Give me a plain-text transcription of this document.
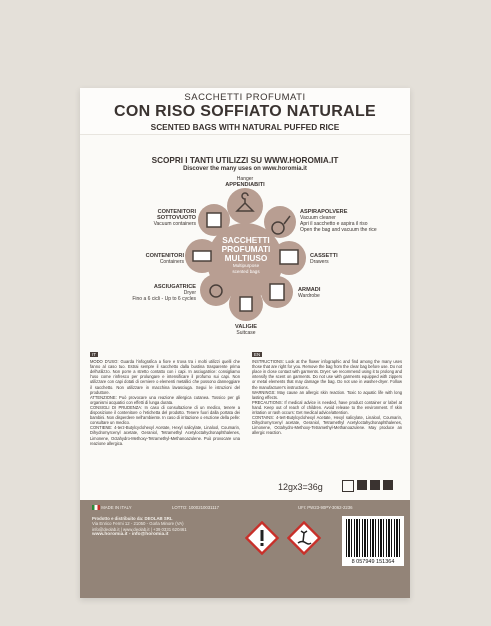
SACCHETTI PROFUMATI
CON RISO SOFFIATO NATURALE
SCENTED BAGS WITH NATURAL PUFFED RICE
SCOPRI I TANTI UTILIZZI SU WWW.HOROMIA.IT
Discover the many uses on www.horomia.it
SACCHETTI
PROFUMATI
MULTIUSO
Multipurpose
scented bags
Hanger
APPENDIABITI
CONTENITORI
SOTTOVUOTO
Vacuum containers
ASPIRAPOLVERE
Vacuum cleaner
Apri il sacchetto e aspira il riso
Open the bag and vacuum the rice
CONTENITORI
Containers
CASSETTI
Drawers
ASCIUGATRICE
Dryer
Fino a 6 cicli - Up to 6 cycles
ARMADI
Wardrobe
VALIGIE
Suitcase
IT
MODO D'USO: Guarda l'infografica a fiore e trova tra i molti utilizzi quelli che fanno al caso tuo. Estrai sempre il sacchetto dalla bustina trasparente prima dell'utilizzo. Non porre a stretto contatto con i capi. In asciugatrice: consigliamo l'uso come rinfresco per prolungare e intensificare il profumo sui capi. Non utilizzare con capi dotati di cerniere o elementi metallici che possono danneggiare il sacchetto. Non utilizzare in macchina lavasciuga. Segui le istruzioni del produttore.
ATTENZIONE: Può provocare una reazione allergica cutanea. Tossico per gli organismi acquatici con effetti di lunga durata.
CONSIGLI DI PRUDENZA: In caso di consultazione di un medico, tenere a disposizione il contenitore o l'etichetta del prodotto. Tenere fuori dalla portata dei bambini. Non disperdere nell'ambiente. In caso di irritazione o eruzione della pelle: consultare un medico.
CONTIENE: 4-terz-Butylcyclohexyl Acetate, Hexyl salicylate, Linalool, Coumarin, Dihydromyrcenyl acetate, Geraniol, Tetramethyl Acetyloctahydronaphthalenes, Limonene, Octahydro-Methoxy-Tetramethyl-Methanoazulene. Può provocare una reazione allergica.
EN
INSTRUCTIONS: Look at the flower infographic and find among the many uses those that are right for you. Remove the bag from the clear bag before use. Do not place in close contact with garments. Dryer: we recommend using it to prolong and intensify the scent on garments. Do not use with garments equipped with zippers or metal elements that may damage the bag. Do not use in washer-dryer. Follow the manufacturer's instructions.
WARNINGS: May cause an allergic skin reaction. Toxic to aquatic life with long lasting effects.
PRECAUTIONS: If medical advice is needed, have product container or label at hand. Keep out of reach of children. Avoid release to the environment. If skin irritation or rash occurs: Get medical advice/attention.
CONTAINS: 4-tert-Butylcyclohexyl Acetate, Hexyl salicylate, Linalool, Coumarin, Dihydromyrcenyl acetate, Geraniol, Tetramethyl Acetyloctahydronaphthalenes, Limonene, Octahydro-Methoxy-Tetramethyl-Methanoazulene. May produce an allergic reaction.
12gx3=36g
MADE IN ITALY	LOTTO: 1000210031117	UFI: PW23-90PY-3062-2236
Prodotto e distribuito da: DEOLAB SRL
Via Enrico Fermi 12 - 21050 - Gorla Minore (VA)
info@deolab.it | www.deolab.it | +39 0331 620461
www.horomia.it - info@horomia.it
8 057949 151364
